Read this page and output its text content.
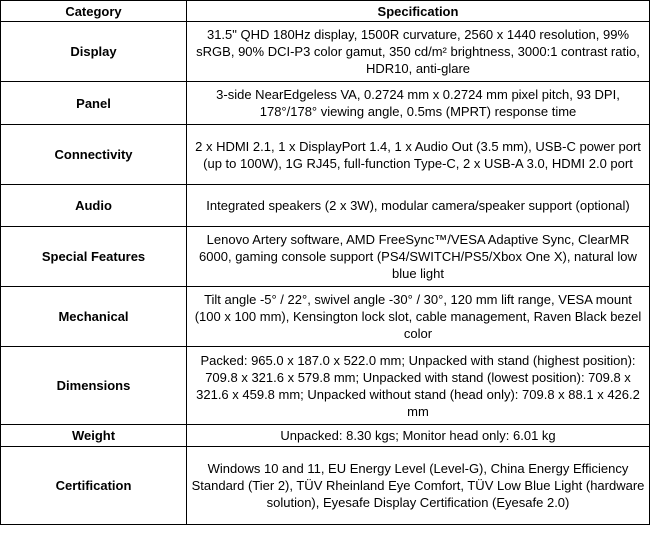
Category	Specification
Display	31.5" QHD 180Hz display, 1500R curvature, 2560 x 1440 resolution, 99% sRGB, 90% DCI-P3 color gamut, 350 cd/m² brightness, 3000:1 contrast ratio, HDR10, anti-glare
Panel	3-side NearEdgeless VA, 0.2724 mm x 0.2724 mm pixel pitch, 93 DPI, 178°/178° viewing angle, 0.5ms (MPRT) response time
Connectivity	2 x HDMI 2.1, 1 x DisplayPort 1.4, 1 x Audio Out (3.5 mm), USB-C power port (up to 100W), 1G RJ45, full-function Type-C, 2 x USB-A 3.0, HDMI 2.0 port
Audio	Integrated speakers (2 x 3W), modular camera/speaker support (optional)
Special Features	Lenovo Artery software, AMD FreeSync™/VESA Adaptive Sync, ClearMR 6000, gaming console support (PS4/SWITCH/PS5/Xbox One X), natural low blue light
Mechanical	Tilt angle -5° / 22°, swivel angle -30° / 30°, 120 mm lift range, VESA mount (100 x 100 mm), Kensington lock slot, cable management, Raven Black bezel color
Dimensions	Packed: 965.0 x 187.0 x 522.0 mm; Unpacked with stand (highest position): 709.8 x 321.6 x 579.8 mm; Unpacked with stand (lowest position): 709.8 x 321.6 x 459.8 mm; Unpacked without stand (head only): 709.8 x 88.1 x 426.2 mm
Weight	Unpacked: 8.30 kgs; Monitor head only: 6.01 kg
Certification	Windows 10 and 11, EU Energy Level (Level-G), China Energy Efficiency Standard (Tier 2), TÜV Rheinland Eye Comfort, TÜV Low Blue Light (hardware solution), Eyesafe Display Certification (Eyesafe 2.0)
